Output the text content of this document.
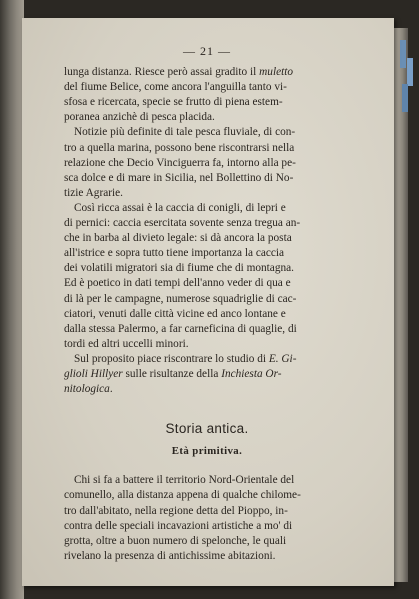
— 21 —

lunga distanza. Riesce però assai gradito il muletto
del fiume Belice, come ancora l'anguilla tanto vi-
sfosa e ricercata, specie se frutto di piena estem-
poranea anzichè di pesca placida.

Notizie più definite di tale pesca fluviale, di con-
tro a quella marina, possono bene riscontrarsi nella
relazione che Decio Vinciguerra fa, intorno alla pe-
sca dolce e di mare in Sicilia, nel Bollettino di No-
tizie Agrarie.

Così ricca assai è la caccia di conigli, di lepri e
di pernici: caccia esercitata sovente senza tregua an-
che in barba al divieto legale: si dà ancora la posta
all'istrice e sopra tutto tiene importanza la caccia
dei volatili migratori sia di fiume che di montagna.
Ed è poetico in dati tempi dell'anno veder di qua e
di là per le campagne, numerose squadriglie di cac-
ciatori, venuti dalle città vicine ed anco lontane e
dalla stessa Palermo, a far carneficina di quaglie, di
tordi ed altri uccelli minori.

Sul proposito piace riscontrare lo studio di E. Gi-
glioli Hillyer sulle risultanze della Inchiesta Or-
nitologica.

Storia antica.
Età primitiva.

Chi si fa a battere il territorio Nord-Orientale del
comunello, alla distanza appena di qualche chilome-
tro dall'abitato, nella regione detta del Pioppo, in-
contra delle speciali incavazioni artistiche a mo' di
grotta, oltre a buon numero di spelonche, le quali
rivelano la presenza di antichissime abitazioni.
